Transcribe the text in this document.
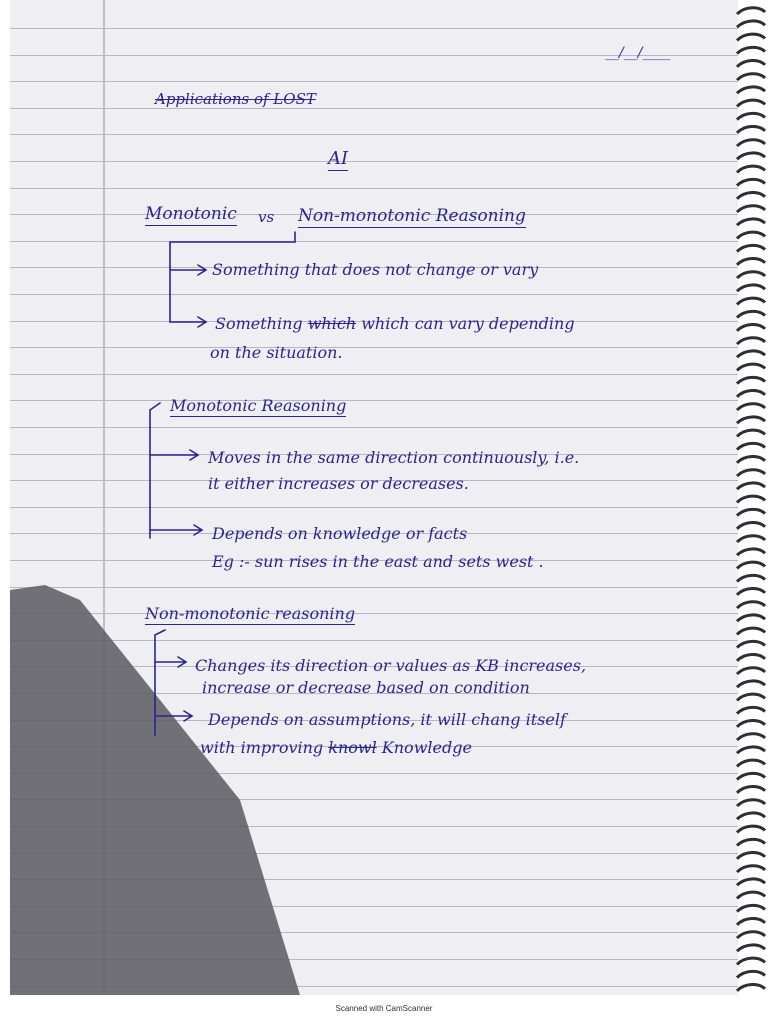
__/__/____
Applications of LOST
AI
Monotonic vs Non-monotonic Reasoning
Something that does not change or vary
Something which which can vary depending
on the situation.
Monotonic Reasoning
Moves in the same direction continuously, i.e.
it either increases or decreases.
Depends on knowledge or facts
Eg :- sun rises in the east and sets west .
Non-monotonic reasoning
Changes its direction or values as KB increases,
increase or decrease based on condition
Depends on assumptions, it will chang itself
with improving knowl Knowledge
Scanned with CamScanner
